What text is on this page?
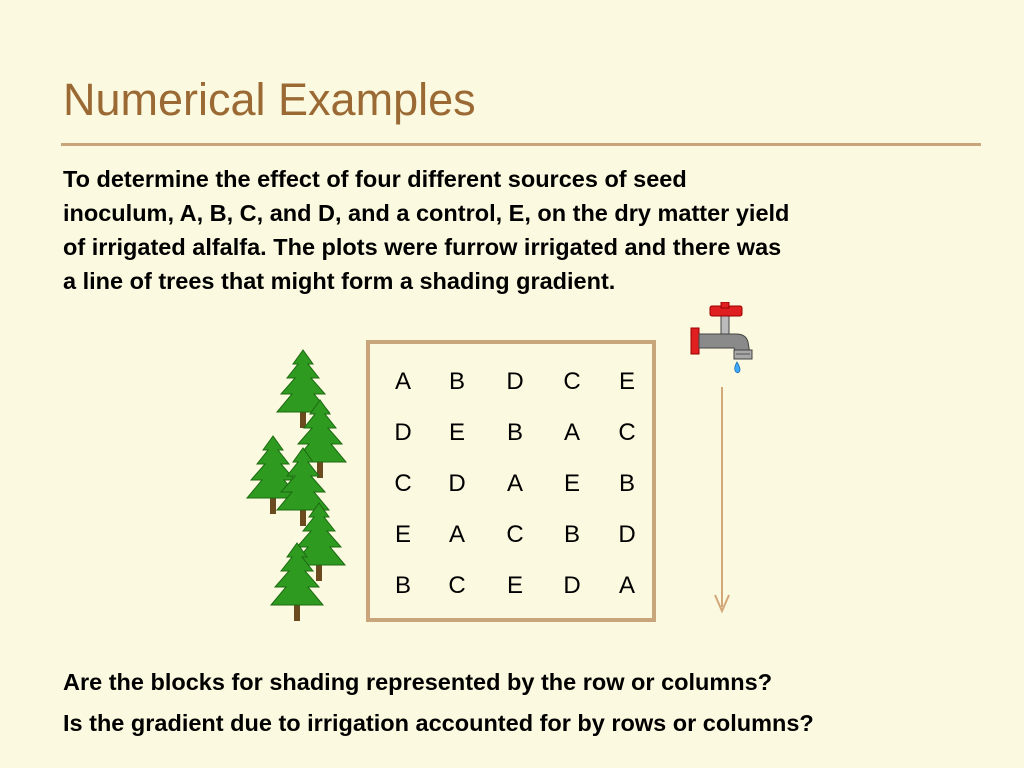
Numerical Examples
To determine the effect of four different sources of seed
inoculum, A, B, C, and D, and a control, E, on the dry matter yield
of irrigated alfalfa. The plots were furrow irrigated and there was
a line of trees that might form a shading gradient.
A	B	D	C	E
D	E	B	A	C
C	D	A	E	B
E	A	C	B	D
B	C	E	D	A
Are the blocks for shading represented by the row or columns?
Is the gradient due to irrigation accounted for by rows or columns?
